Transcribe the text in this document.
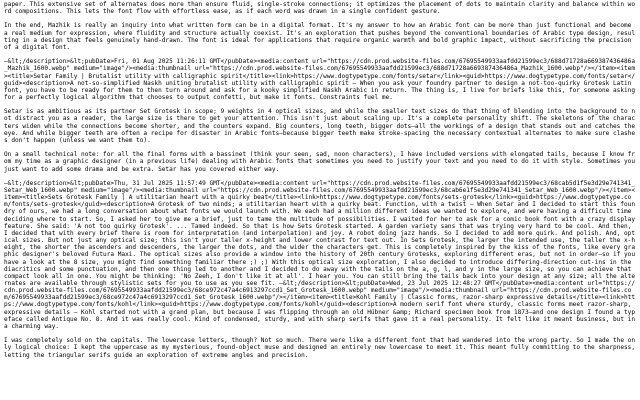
paper. This extensive set of alternates does more than ensure fluid, single-stroke connections; it optimizes the placement of dots to maintain clarity and balance within word compositions. This lets the font flow with effortless ease, as if each word was drawn in a single confident gesture.
In the end, Mazhik is really an inquiry into what written form can be in a digital format. It's my answer to how an Arabic font can be more than just functional and become a real medium for expression, where fluidity and structure actually coexist. It's an exploration that pushes beyond the conventional boundaries of Arabic type design, resulting in a design that feels genuinely hand-drawn. The font is ideal for applications that require organic warmth and bold graphic impact, without sacrificing the precision of a digital font.
—&lt;/description>&lt;pubDate>Fri, 01 Aug 2025 11:26:11 GMT</pubDate><media:content url="https://cdn.prod.website-files.com/67695549933aafdd21599ec3/688d71728a669387436486a_Mazhik_1600.webp" medium="image"/><media:thumbnail url="https://cdn.prod.website-files.com/67695549933aafdd21599ec3/688d71728a669387436486a_Mazhik_1600.webp"/></item><item><title>Setar Family | Brutalist utility with calligraphic spirit</title><link>https://www.dogtypetype.com/fonts/setar</link><guid>https://www.dogtypetype.com/fonts/setar</guid><description>A not-so-simplified Naskh uniting brutalist utility with calligraphic spirit — When you ask your foundry partner to design a not-too-quirky Grotesk Latin font, you have to be ready for them to then turn around and ask for a kooky simplified Naskh Arabic in return. The thing is, I live for briefs like this, for someone asking for a perfectly logical algorithm that chooses to output confetti, but make it fonts. Constraints fuel me.
Setar is as ambitious as its partner Set Grotesk in scope; 9 weights in 4 optical sizes, and while the smaller text sizes do that thing of blending into the background to not distract you as a reader, the large size is there to get your attention. This isn't just about scaling up. It's a complete personality shift. The skeletons of the characters widen while the connections become shorter, and the counters expand. Big counters, long teeth, bigger dots—all the workings of a design that stands out and catches the eye. And while bigger teeth are often a recipe for disaster in Arabic fonts—because bigger teeth make stroke-spacing the necessary contextual alternates to make sure clashes don't happen (unless we want them to).
On a small technical note: for all the final forms with a bassinet (think your seen, sad, noon characters), I have included versions with elongated tails, because I know from my time as a graphic designer (in a previous life) dealing with Arabic fonts that sometimes you need to justify your text and you need to do it with style. Sometimes you just want to add some drama and be extra. Setar has you covered either way.
—&lt;/description>&lt;pubDate>Thu, 31 Jul 2025 11:57:49 GMT</pubDate><media:content url="https://cdn.prod.website-files.com/67695549933aafdd21599ec3/68cab5d1f5e3d29e741341_Setar_Web_1600.webp" medium="image"/><media:thumbnail url="https://cdn.prod.website-files.com/67695549933aafdd21599ec3/68cab6e1f5e3d29e741341_Setar_Web_1600.webp"/></item><item><title>Sets Grotesk Family | A utilitarian heart with a quirky beat</title><link>https://www.dogtypetype.com/fonts/sets-grotesk</link><guid>https://www.dogtypetype.com/fonts/sets-grotesk</guid><description>A Grotesk of two minds; a utilitarian heart with a quirky beat. Function, with a twist — When Setar and I decided to start this foundry of ours, we had a long conversation about what fonts we would launch with. We each had a million different ideas we wanted to explore, and were having a difficult time deciding where to start. So, I asked her to give me a brief, just to tame the multitude of possibilities. I waited for her to ask for a comic book font with a crazy display feature. She said: 'A not too quirky Grotesk'. ... Tamed indeed. So that is how Sets Grotesk started. A garden variety sans that was trying very hard to be cool. And then, I decided that with every brief there is room for interpretation (and interpolation) and joy. A robot doing jazz hands. So I decided to add more quirk. And polish. And, optical sizes. But not just any optical size; this isn't your taller x-height and lower contrast for text out. In Sets Grotesk, the larger the intended use, the taller the x-height, the shorter the ascenders and descenders, the larger the dots, and the wider the characters get. This is completely inspired by the kiss of the fonts, like every graphic designer's beloved Futura Maxi. The optical sizes also provide a window into the history of 20th century Grotesks, exploring different eras, but not in order—so if you have a look at the 8 size, you might find something familiar there ;) ;) With this optical size exploration, I also decided to introduce differing-direction cut-ins in the diacritics and some punctuation, and then one thing led to another and I decided to do away with the tails on the a, g, l, and y in the large size, so you can achieve that compact look all in one. You might be thinking: 'No Zeeh, I don't like it at all'. I hear you. You can still bring the tails back into your design at any size; all the alternates are available through stylistic sets for you to use as you see fit. —&lt;/description>&lt;pubDate>Wed, 23 Jul 2025 12:48:27 GMT</pubDate><media:content url="https://cdn.prod.website-files.com/67695549933aafdd21599ec3/68ce972c47a4c6913297ccd1_Set_Grotesk_1600.webp" medium="image"/><media:thumbnail url="https://cdn.prod.website-files.com/67695549933aafdd21599ec3/68ce972c47a4c6913297ccd1_Set_Grotesk_1600.webp"/></item><item><title>Kohl Family | Classic forms, razor-sharp expressive details</title><link>https://www.dogtypetype.com/fonts/kohl</link><guid>https://www.dogtypetype.com/fonts/kohl</guid><description>A modern serif font where sturdy, classic forms meet razor-sharp, expressive details — Kohl started not with a grand plan, but because I was flipping through an old Hübner &amp; Richard specimen book from 1873—and one design I found a typeface called Antique No. 8. And it was really cool. Kind of condensed, sturdy, and with sharp serifs that gave it a real personality. It felt like it meant business, but in a charming way.
I was completely sold on the capitals. The lowercase letters, though? Not so much. There were like a different font that had wandered into the wrong party. So I made the only logical choice: I kept the uppercase as my mysterious, found-object muse and designed an entirely new lowercase to meet it. This meant fully committing to the sharpness, letting the triangular serifs guide an exploration of extreme angles and precision.
